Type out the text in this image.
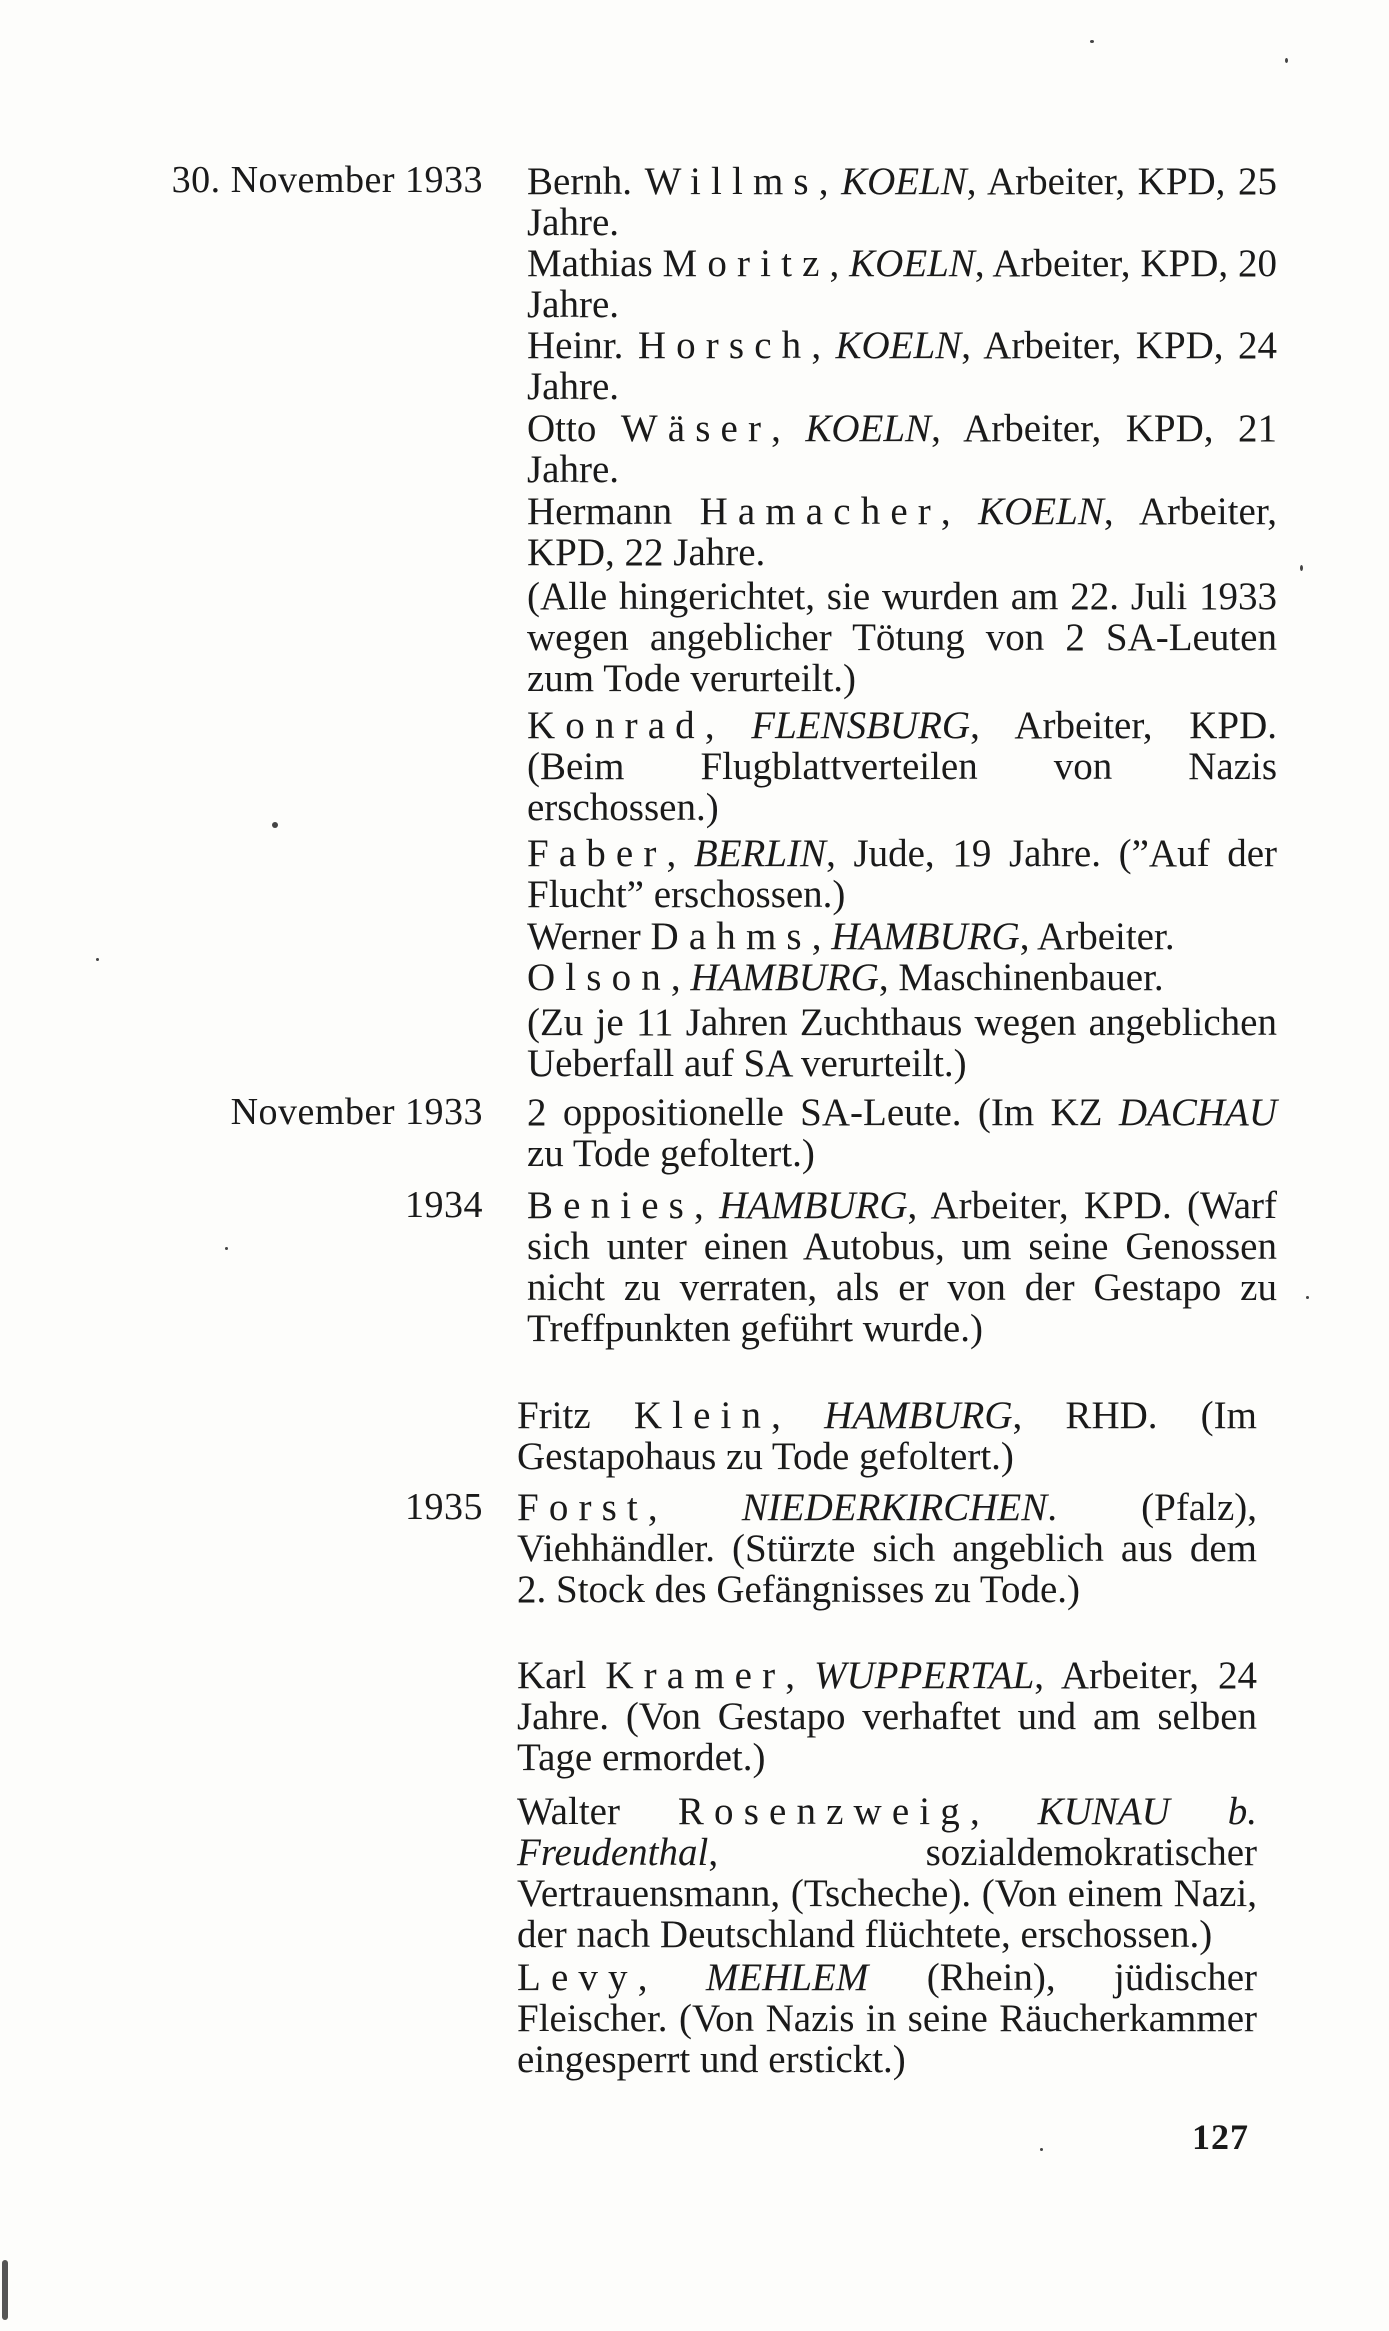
30. November 1933 Bernh. Willms, KOELN, Arbeiter, KPD, 25 Jahre.
Mathias Moritz, KOELN, Arbeiter, KPD, 20 Jahre.
Heinr. Horsch, KOELN, Arbeiter, KPD, 24 Jahre.
Otto Wäser, KOELN, Arbeiter, KPD, 21 Jahre.
Hermann Hamacher, KOELN, Arbeiter, KPD, 22 Jahre.
(Alle hingerichtet, sie wurden am 22. Juli 1933 wegen angeblicher Tötung von 2 SA-Leuten zum Tode verurteilt.)
Konrad, FLENSBURG, Arbeiter, KPD. (Beim Flugblattverteilen von Nazis erschossen.)
Faber, BERLIN, Jude, 19 Jahre. (”Auf der Flucht” erschossen.)
Werner Dahms, HAMBURG, Arbeiter.
Olson, HAMBURG, Maschinenbauer.
(Zu je 11 Jahren Zuchthaus wegen angeblichen Ueberfall auf SA verurteilt.)
November 1933 2 oppositionelle SA-Leute. (Im KZ DACHAU zu Tode gefoltert.)
1934 Benies, HAMBURG, Arbeiter, KPD. (Warf sich unter einen Autobus, um seine Genossen nicht zu verraten, als er von der Gestapo zu Treffpunkten geführt wurde.)
Fritz Klein, HAMBURG, RHD. (Im Gestapohaus zu Tode gefoltert.)
1935 Forst, NIEDERKIRCHEN. (Pfalz), Viehhändler. (Stürzte sich angeblich aus dem 2. Stock des Gefängnisses zu Tode.)
Karl Kramer, WUPPERTAL, Arbeiter, 24 Jahre. (Von Gestapo verhaftet und am selben Tage ermordet.)
Walter Rosenzweig, KUNAU b. Freudenthal, sozialdemokratischer Vertrauensmann, (Tscheche). (Von einem Nazi, der nach Deutschland flüchtete, erschossen.)
Levy, MEHLEM (Rhein), jüdischer Fleischer. (Von Nazis in seine Räucherkammer eingesperrt und erstickt.)
127
